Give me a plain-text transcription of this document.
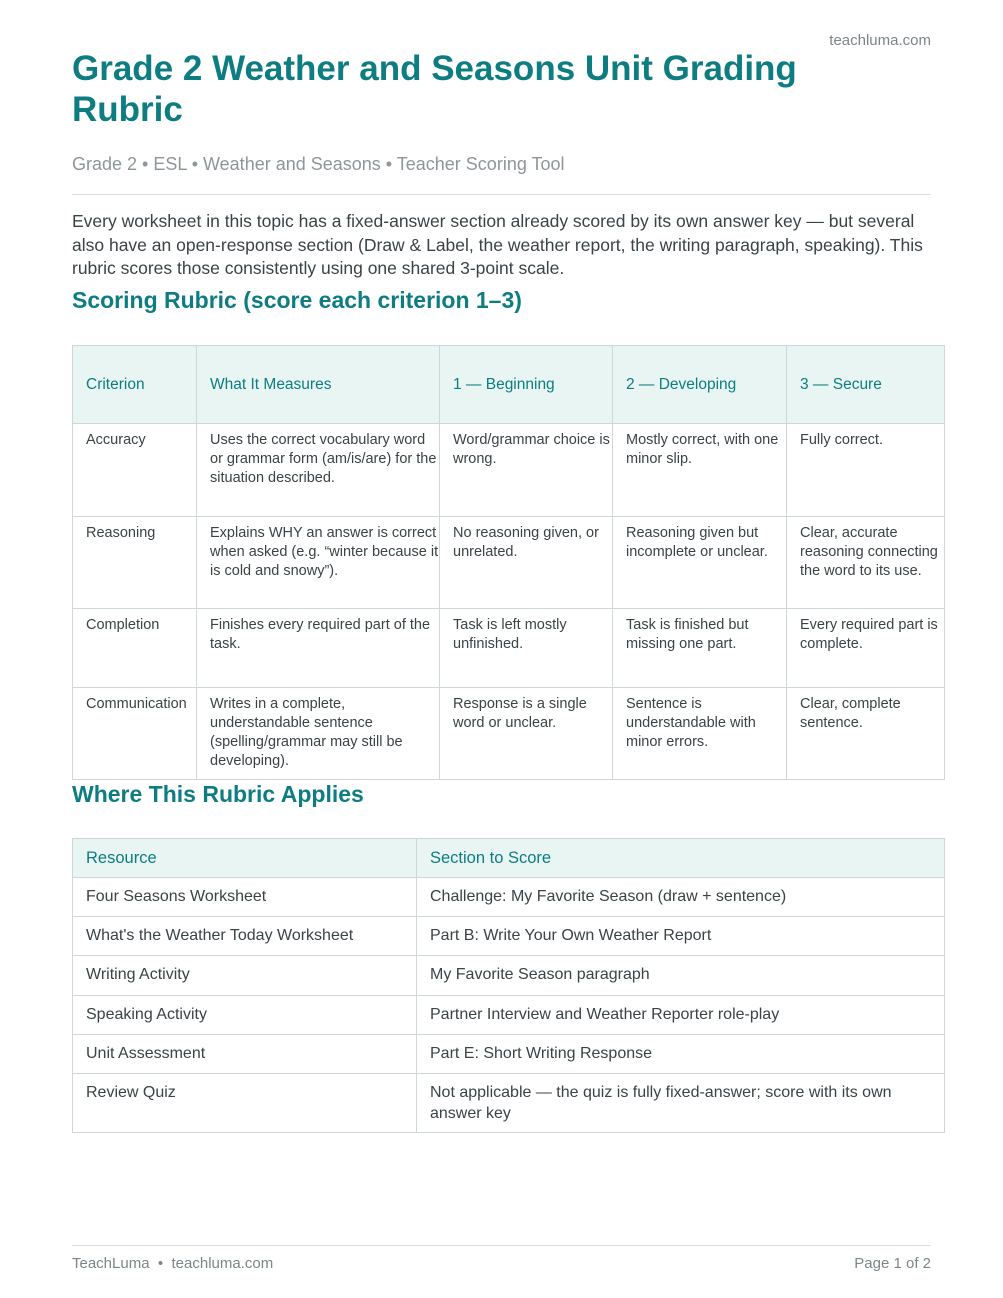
teachluma.com
Grade 2 Weather and Seasons Unit Grading Rubric
Grade 2 • ESL • Weather and Seasons • Teacher Scoring Tool

Every worksheet in this topic has a fixed-answer section already scored by its own answer key — but several also have an open-response section (Draw & Label, the weather report, the writing paragraph, speaking). This rubric scores those consistently using one shared 3-point scale.

Scoring Rubric (score each criterion 1–3)
Criterion	What It Measures	1 — Beginning	2 — Developing	3 — Secure
Accuracy	Uses the correct vocabulary word or grammar form (am/is/are) for the situation described.	Word/grammar choice is wrong.	Mostly correct, with one minor slip.	Fully correct.
Reasoning	Explains WHY an answer is correct when asked (e.g. “winter because it is cold and snowy”).	No reasoning given, or unrelated.	Reasoning given but incomplete or unclear.	Clear, accurate reasoning connecting the word to its use.
Completion	Finishes every required part of the task.	Task is left mostly unfinished.	Task is finished but missing one part.	Every required part is complete.
Communication	Writes in a complete, understandable sentence (spelling/grammar may still be developing).	Response is a single word or unclear.	Sentence is understandable with minor errors.	Clear, complete sentence.
Where This Rubric Applies
Resource	Section to Score
Four Seasons Worksheet	Challenge: My Favorite Season (draw + sentence)
What's the Weather Today Worksheet	Part B: Write Your Own Weather Report
Writing Activity	My Favorite Season paragraph
Speaking Activity	Partner Interview and Weather Reporter role-play
Unit Assessment	Part E: Short Writing Response
Review Quiz	Not applicable — the quiz is fully fixed-answer; score with its own answer key
TeachLuma • teachluma.com	Page 1 of 2
